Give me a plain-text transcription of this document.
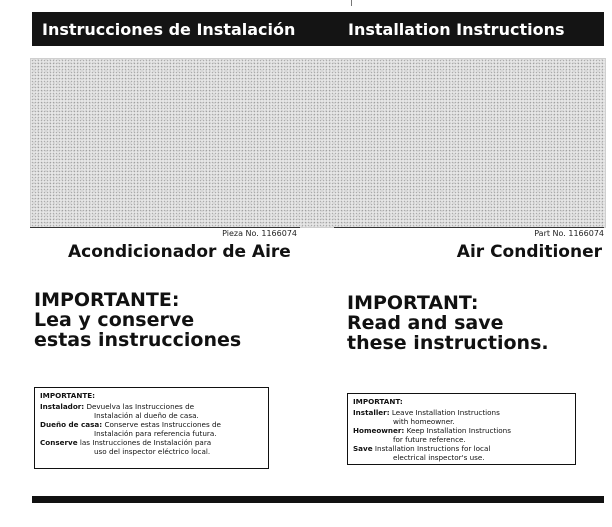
Instrucciones de Instalación	Installation Instructions
Pieza No. 1166074	Part No. 1166074
Acondicionador de Aire	Air Conditioner
IMPORTANTE:
Lea y conserve
estas instrucciones
IMPORTANT:
Read and save
these instructions.
IMPORTANTE:
Instalador: Devuelva las Instrucciones de
Instalación al dueño de casa.
Dueño de casa: Conserve estas Instrucciones de
Instalación para referencia futura.
Conserve las Instrucciones de Instalación para
uso del inspector eléctrico local.
IMPORTANT:
Installer: Leave Installation Instructions
with homeowner.
Homeowner: Keep Installation Instructions
for future reference.
Save Installation Instructions for local
electrical inspector's use.
